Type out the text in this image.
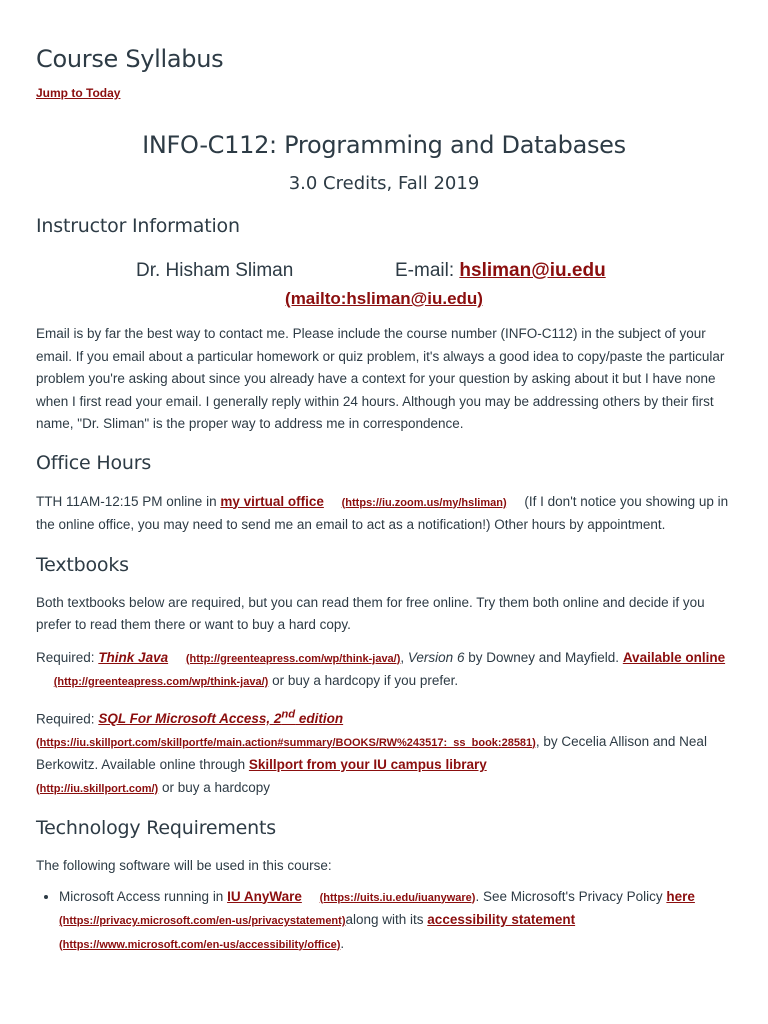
Course Syllabus
Jump to Today
INFO-C112: Programming and Databases
3.0 Credits, Fall 2019
Instructor Information
Dr. Hisham Sliman	E-mail: hsliman@iu.edu
(mailto:hsliman@iu.edu)

Email is by far the best way to contact me. Please include the course number (INFO-C112) in the subject of your email. If you email about a particular homework or quiz problem, it's always a good idea to copy/paste the particular problem you're asking about since you already have a context for your question by asking about it but I have none when I first read your email. I generally reply within 24 hours. Although you may be addressing others by their first name, "Dr. Sliman" is the proper way to address me in correspondence.

Office Hours

TTH 11AM-12:15 PM online in my virtual office (https://iu.zoom.us/my/hsliman) (If I don't notice you showing up in the online office, you may need to send me an email to act as a notification!) Other hours by appointment.

Textbooks

Both textbooks below are required, but you can read them for free online. Try them both online and decide if you prefer to read them there or want to buy a hard copy.

Required: Think Java (http://greenteapress.com/wp/think-java/), Version 6 by Downey and Mayfield. Available online (http://greenteapress.com/wp/think-java/) or buy a hardcopy if you prefer.

Required: SQL For Microsoft Access, 2nd edition
(https://iu.skillport.com/skillportfe/main.action#summary/BOOKS/RW%243517:_ss_book:28581), by Cecelia Allison and Neal Berkowitz. Available online through Skillport from your IU campus library
(http://iu.skillport.com/) or buy a hardcopy

Technology Requirements

The following software will be used in this course:

• Microsoft Access running in IU AnyWare (https://uits.iu.edu/iuanyware). See Microsoft's Privacy Policy here (https://privacy.microsoft.com/en-us/privacystatement)along with its accessibility statement (https://www.microsoft.com/en-us/accessibility/office).
